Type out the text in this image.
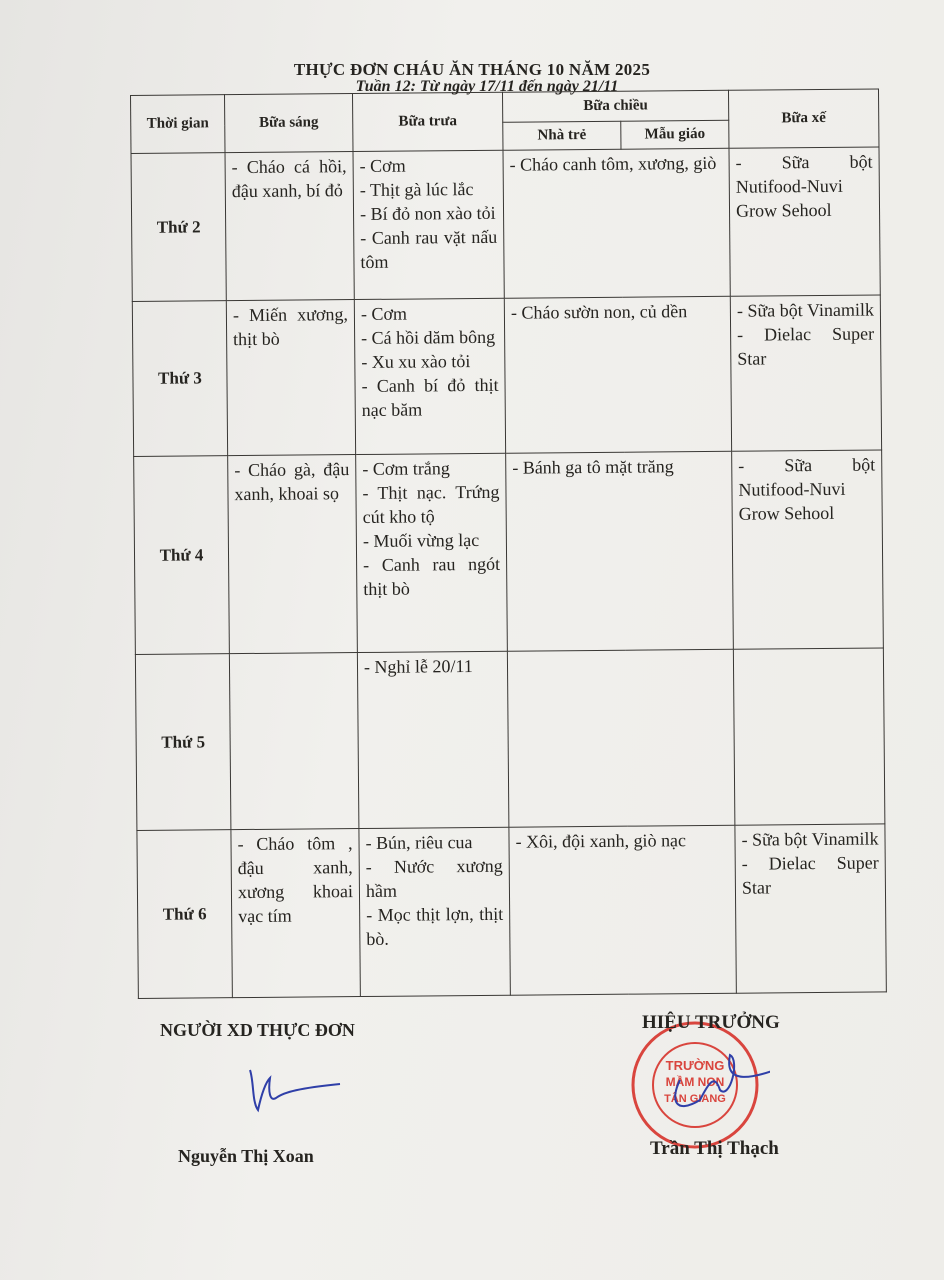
THỰC ĐƠN CHÁU ĂN THÁNG 10 NĂM 2025
Tuần 12: Từ ngày 17/11 đến ngày 21/11
Thời gian	Bữa sáng	Bữa trưa	Bữa chiều		Bữa xế
			Nhà trẻ	Mẫu giáo	
Thứ 2	- Cháo cá hồi, đậu xanh, bí đỏ	- Cơm
- Thịt gà lúc lắc
- Bí đỏ non xào tỏi
- Canh rau vặt nấu tôm	- Cháo canh tôm, xương, giò		- Sữa bột Nutifood-Nuvi Grow Sehool

Thứ 3	- Miến xương, thịt bò	- Cơm
- Cá hồi dăm bông
- Xu xu xào tỏi
- Canh bí đỏ thịt nạc băm	- Cháo sườn non, củ dền		- Sữa bột Vinamilk - Dielac Super Star

Thứ 4	- Cháo gà, đậu xanh, khoai sọ	- Cơm trắng
- Thịt nạc. Trứng cút kho tộ
- Muối vừng lạc
- Canh rau ngót thịt bò	- Bánh ga tô mặt trăng		- Sữa bột Nutifood-Nuvi Grow Sehool

Thứ 5		- Nghỉ lễ 20/11			

Thứ 6	- Cháo tôm , đậu xanh, xương khoai vạc tím	- Bún, riêu cua
- Nước xương hầm
- Mọc thịt lợn, thịt bò.	- Xôi, đội xanh, giò nạc		- Sữa bột Vinamilk - Dielac Super Star
NGƯỜI XD THỰC ĐƠN
Nguyễn Thị Xoan
TRƯỜNG
MẦM NON
TÂN GIANG
HIỆU TRƯỞNG
Trần Thị Thạch
